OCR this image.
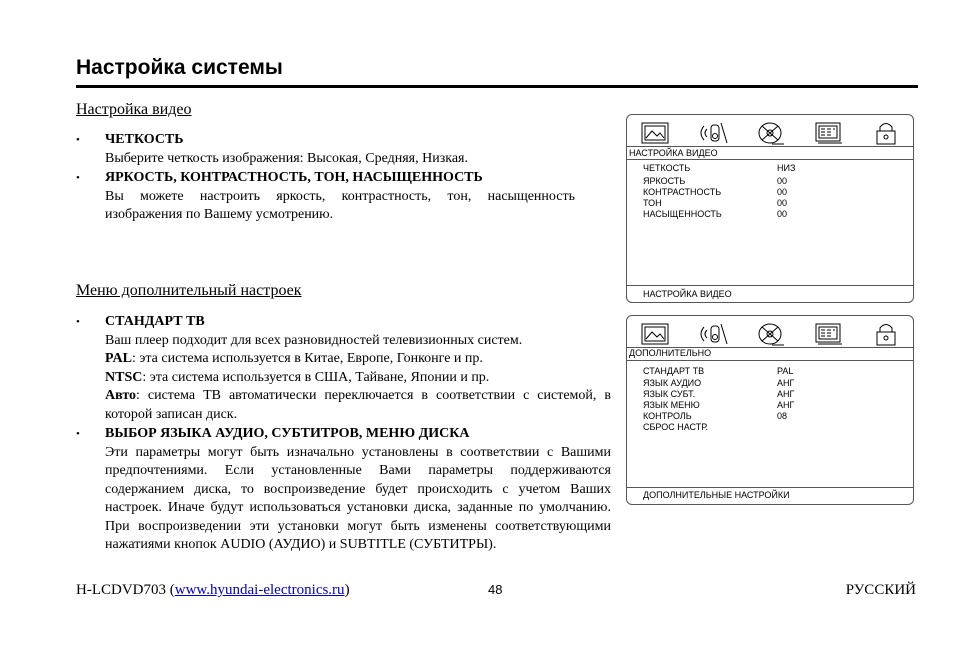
Настройка системы
Настройка видео
• ЧЕТКОСТЬ
Выберите четкость изображения: Высокая, Средняя, Низкая.
• ЯРКОСТЬ, КОНТРАСТНОСТЬ, ТОН, НАСЫЩЕННОСТЬ
Вы можете настроить яркость, контрастность, тон, насыщенность изображения по Вашему усмотрению.
Меню дополнительный настроек
• СТАНДАРТ ТВ
Ваш плеер подходит для всех разновидностей телевизионных систем.
PAL: эта система используется в Китае, Европе, Гонконге и пр.
NTSC: эта система используется в США, Тайване, Японии и пр.
Авто: система ТВ автоматически переключается в соответствии с системой, в которой записан диск.
• ВЫБОР ЯЗЫКА АУДИО, СУБТИТРОВ, МЕНЮ ДИСКА
Эти параметры могут быть изначально установлены в соответствии с Вашими предпочтениями. Если установленные Вами параметры поддерживаются содержанием диска, то воспроизведение будет происходить с учетом Ваших настроек. Иначе будут использоваться установки диска, заданные по умолчанию. При воспроизведении эти установки могут быть изменены соответствующими нажатиями кнопок AUDIO (АУДИО) и SUBTITLE (СУБТИТРЫ).
НАСТРОЙКА ВИДЕО
ЧЕТКОСТЬ	НИЗ
ЯРКОСТЬ	00
КОНТРАСТНОСТЬ	00
ТОН	00
НАСЫЩЕННОСТЬ	00
НАСТРОЙКА ВИДЕО
ДОПОЛНИТЕЛЬНО
СТАНДАРТ ТВ	PAL
ЯЗЫК АУДИО	АНГ
ЯЗЫК СУБТ.	АНГ
ЯЗЫК МЕНЮ	АНГ
КОНТРОЛЬ	08
СБРОС НАСТР.
ДОПОЛНИТЕЛЬНЫЕ НАСТРОЙКИ
H-LCDVD703 (www.hyundai-electronics.ru)	48	РУССКИЙ
